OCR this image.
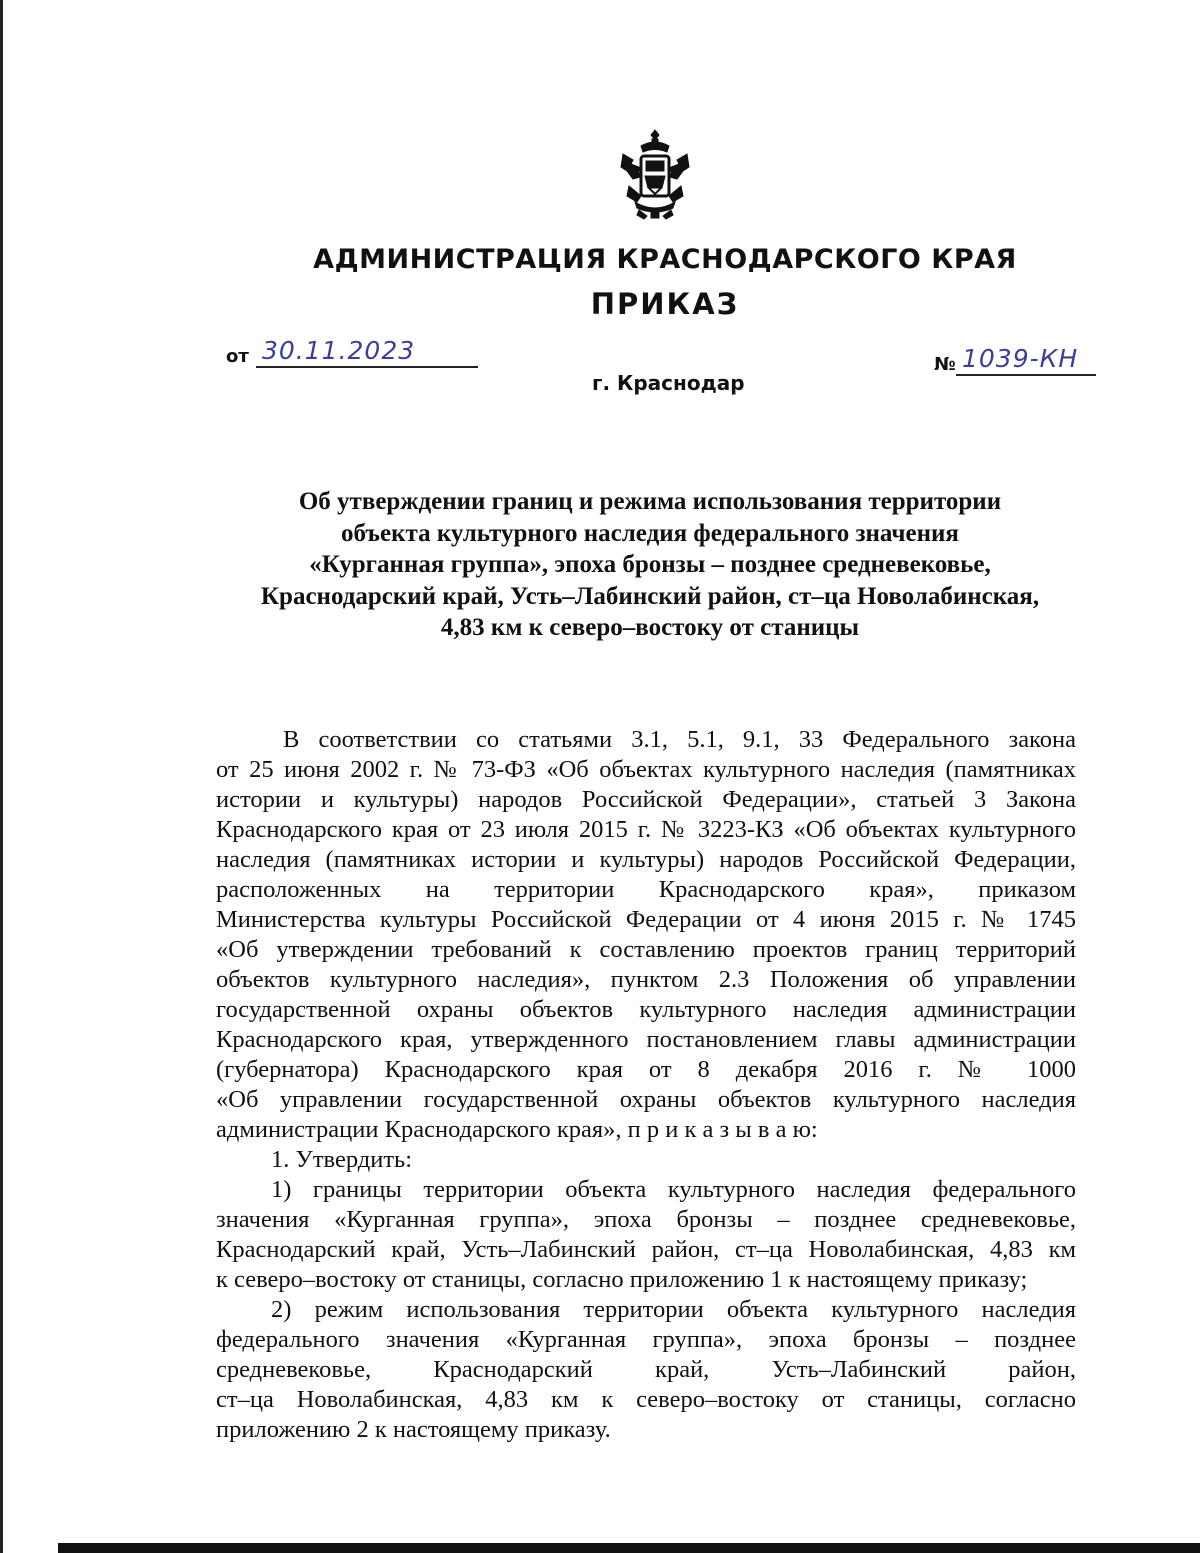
АДМИНИСТРАЦИЯ КРАСНОДАРСКОГО КРАЯ
ПРИКАЗ
от 30.11.2023
г. Краснодар
№ 1039-КН
Об утверждении границ и режима использования территории
объекта культурного наследия федерального значения
«Курганная группа», эпоха бронзы – позднее средневековье,
Краснодарский край, Усть–Лабинский район, ст–ца Новолабинская,
4,83 км к северо–востоку от станицы
В соответствии со статьями 3.1, 5.1, 9.1, 33 Федерального закона
от 25 июня 2002 г. № 73-ФЗ «Об объектах культурного наследия (памятниках
истории и культуры) народов Российской Федерации», статьей 3 Закона
Краснодарского края от 23 июля 2015 г. № 3223-КЗ «Об объектах культурного
наследия (памятниках истории и культуры) народов Российской Федерации,
расположенных на территории Краснодарского края», приказом
Министерства культуры Российской Федерации от 4 июня 2015 г. № 1745
«Об утверждении требований к составлению проектов границ территорий
объектов культурного наследия», пунктом 2.3 Положения об управлении
государственной охраны объектов культурного наследия администрации
Краснодарского края, утвержденного постановлением главы администрации
(губернатора) Краснодарского края от 8 декабря 2016 г. № 1000
«Об управлении государственной охраны объектов культурного наследия
администрации Краснодарского края», п р и к а з ы в а ю:
1. Утвердить:
1) границы территории объекта культурного наследия федерального
значения «Курганная группа», эпоха бронзы – позднее средневековье,
Краснодарский край, Усть–Лабинский район, ст–ца Новолабинская, 4,83 км
к северо–востоку от станицы, согласно приложению 1 к настоящему приказу;
2) режим использования территории объекта культурного наследия
федерального значения «Курганная группа», эпоха бронзы – позднее
средневековье, Краснодарский край, Усть–Лабинский район,
ст–ца Новолабинская, 4,83 км к северо–востоку от станицы, согласно
приложению 2 к настоящему приказу.
